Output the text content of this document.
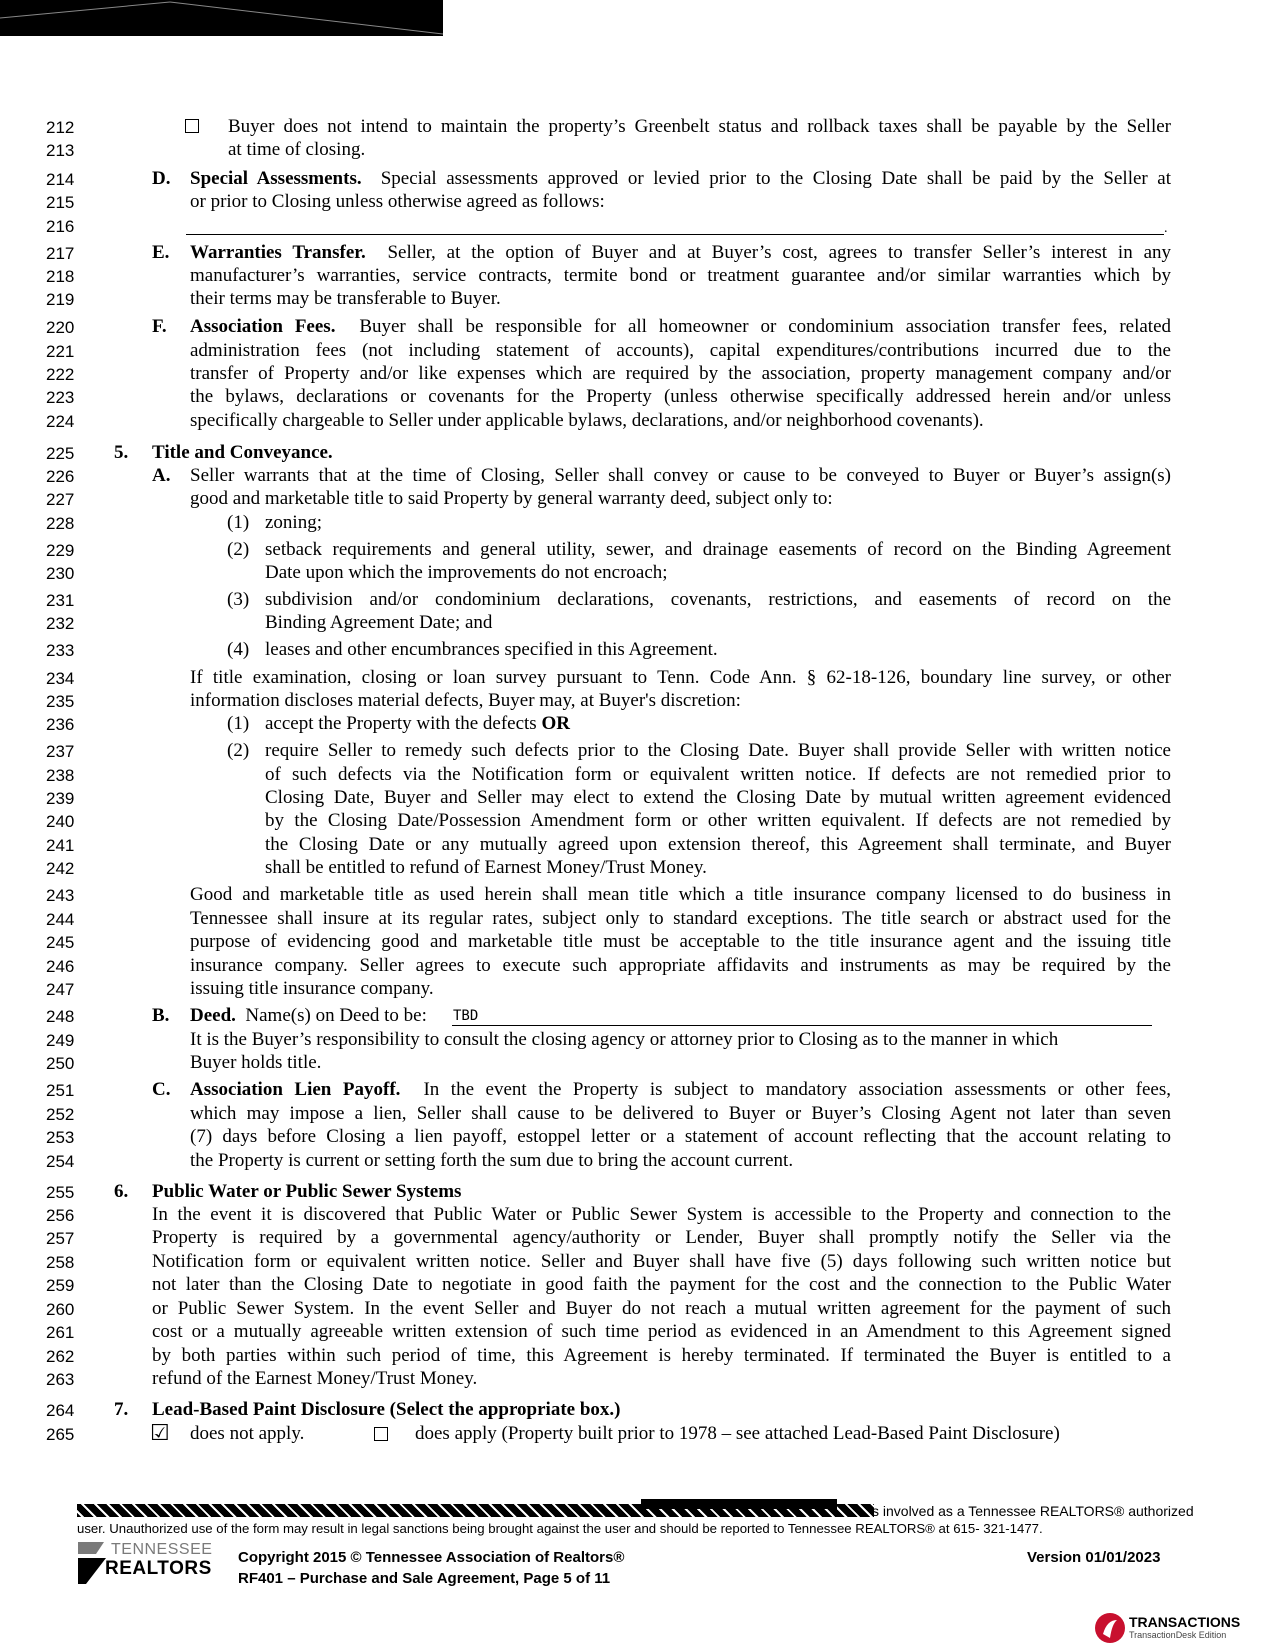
212
213
214
215
216
217
218
219
220
221
222
223
224
225
226
227
228
229
230
231
232
233
234
235
236
237
238
239
240
241
242
243
244
245
246
247
248
249
250
251
252
253
254
255
256
257
258
259
260
261
262
263
264
265
Buyer does not intend to maintain the property’s Greenbelt status and rollback taxes shall be payable by the Seller
at time of closing.
D. Special Assessments. Special assessments approved or levied prior to the Closing Date shall be paid by the Seller at
or prior to Closing unless otherwise agreed as follows:
.
E. Warranties Transfer. Seller, at the option of Buyer and at Buyer’s cost, agrees to transfer Seller’s interest in any
manufacturer’s warranties, service contracts, termite bond or treatment guarantee and/or similar warranties which by
their terms may be transferable to Buyer.
F. Association Fees. Buyer shall be responsible for all homeowner or condominium association transfer fees, related
administration fees (not including statement of accounts), capital expenditures/contributions incurred due to the
transfer of Property and/or like expenses which are required by the association, property management company and/or
the bylaws, declarations or covenants for the Property (unless otherwise specifically addressed herein and/or unless
specifically chargeable to Seller under applicable bylaws, declarations, and/or neighborhood covenants).
5. Title and Conveyance.
A. Seller warrants that at the time of Closing, Seller shall convey or cause to be conveyed to Buyer or Buyer’s assign(s)
good and marketable title to said Property by general warranty deed, subject only to:
(1) zoning;
(2) setback requirements and general utility, sewer, and drainage easements of record on the Binding Agreement
Date upon which the improvements do not encroach;
(3) subdivision and/or condominium declarations, covenants, restrictions, and easements of record on the
Binding Agreement Date; and
(4) leases and other encumbrances specified in this Agreement.
If title examination, closing or loan survey pursuant to Tenn. Code Ann. § 62-18-126, boundary line survey, or other
information discloses material defects, Buyer may, at Buyer's discretion:
(1) accept the Property with the defects OR
(2) require Seller to remedy such defects prior to the Closing Date. Buyer shall provide Seller with written notice
of such defects via the Notification form or equivalent written notice. If defects are not remedied prior to
Closing Date, Buyer and Seller may elect to extend the Closing Date by mutual written agreement evidenced
by the Closing Date/Possession Amendment form or other written equivalent. If defects are not remedied by
the Closing Date or any mutually agreed upon extension thereof, this Agreement shall terminate, and Buyer
shall be entitled to refund of Earnest Money/Trust Money.
Good and marketable title as used herein shall mean title which a title insurance company licensed to do business in
Tennessee shall insure at its regular rates, subject only to standard exceptions. The title search or abstract used for the
purpose of evidencing good and marketable title must be acceptable to the title insurance agent and the issuing title
insurance company. Seller agrees to execute such appropriate affidavits and instruments as may be required by the
issuing title insurance company.
B. Deed. Name(s) on Deed to be: TBD
It is the Buyer’s responsibility to consult the closing agency or attorney prior to Closing as to the manner in which
Buyer holds title.
C. Association Lien Payoff. In the event the Property is subject to mandatory association assessments or other fees,
which may impose a lien, Seller shall cause to be delivered to Buyer or Buyer’s Closing Agent not later than seven
(7) days before Closing a lien payoff, estoppel letter or a statement of account reflecting that the account relating to
the Property is current or setting forth the sum due to bring the account current.
6. Public Water or Public Sewer Systems
In the event it is discovered that Public Water or Public Sewer System is accessible to the Property and connection to the
Property is required by a governmental agency/authority or Lender, Buyer shall promptly notify the Seller via the
Notification form or equivalent written notice. Seller and Buyer shall have five (5) days following such written notice but
not later than the Closing Date to negotiate in good faith the payment for the cost and the connection to the Public Water
or Public Sewer System. In the event Seller and Buyer do not reach a mutual written agreement for the payment of such
cost or a mutually agreeable written extension of such time period as evidenced in an Amendment to this Agreement signed
by both parties within such period of time, this Agreement is hereby terminated. If terminated the Buyer is entitled to a
refund of the Earnest Money/Trust Money.
7. Lead-Based Paint Disclosure (Select the appropriate box.)
☑ does not apply.	does apply (Property built prior to 1978 – see attached Lead-Based Paint Disclosure)
s involved as a Tennessee REALTORS® authorized
user. Unauthorized use of the form may result in legal sanctions being brought against the user and should be reported to Tennessee REALTORS® at 615- 321-1477.
TENNESSEE
REALTORS
Copyright 2015 © Tennessee Association of Realtors®
RF401 – Purchase and Sale Agreement, Page 5 of 11
Version 01/01/2023
TRANSACTIONS
TransactionDesk Edition
